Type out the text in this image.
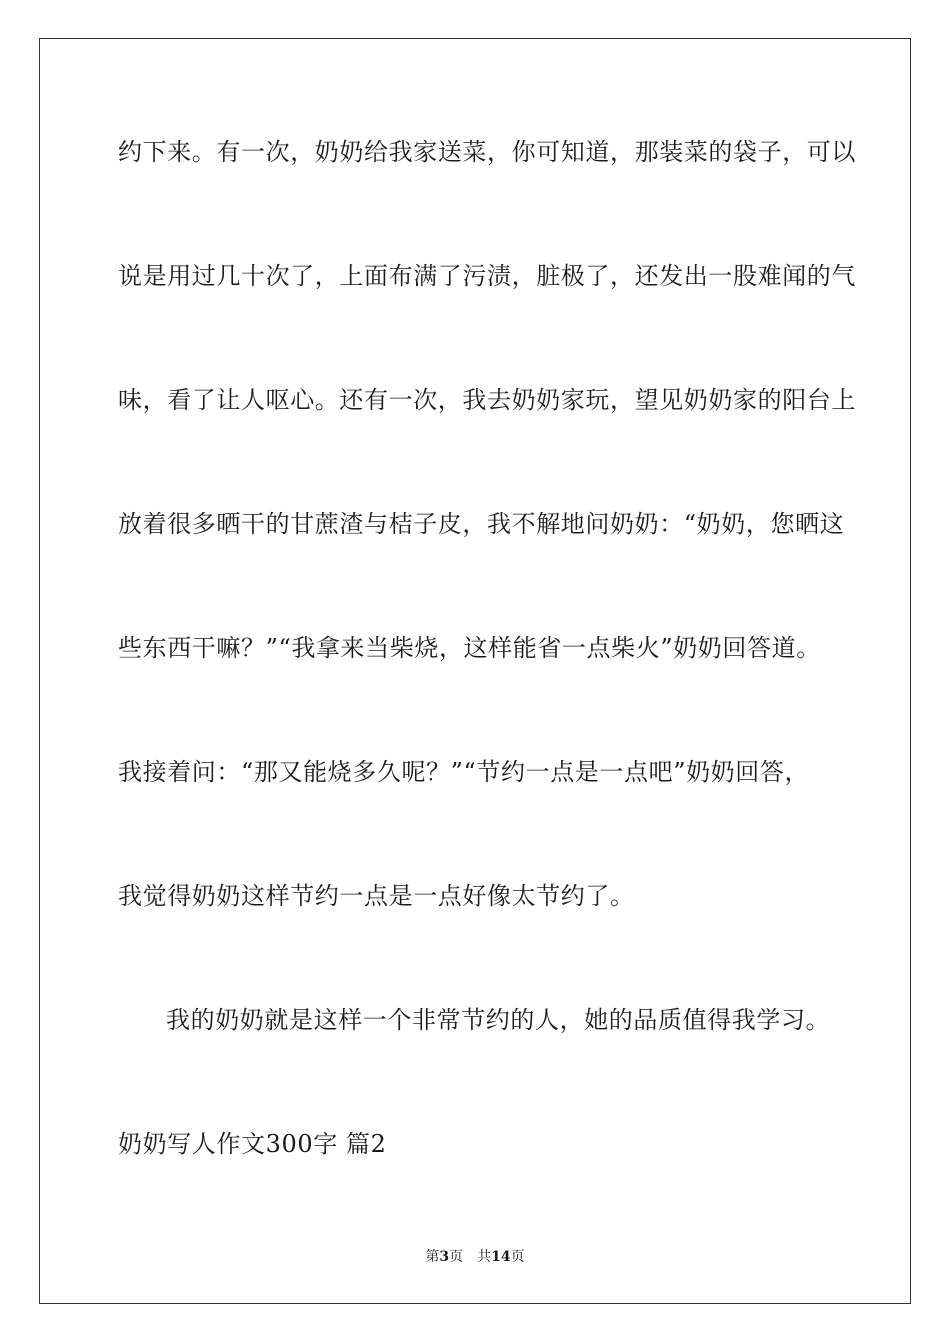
约下来。有一次，奶奶给我家送菜，你可知道，那装菜的袋子，可以
说是用过几十次了，上面布满了污渍，脏极了，还发出一股难闻的气
味，看了让人呕心。还有一次，我去奶奶家玩，望见奶奶家的阳台上
放着很多晒干的甘蔗渣与桔子皮，我不解地问奶奶：“奶奶，您晒这
些东西干嘛？”“我拿来当柴烧，这样能省一点柴火”奶奶回答道。
我接着问：“那又能烧多久呢？”“节约一点是一点吧”奶奶回答，
我觉得奶奶这样节约一点是一点好像太节约了。
我的奶奶就是这样一个非常节约的人，她的品质值得我学习。
奶奶写人作文300字 篇2
第3页 共14页
